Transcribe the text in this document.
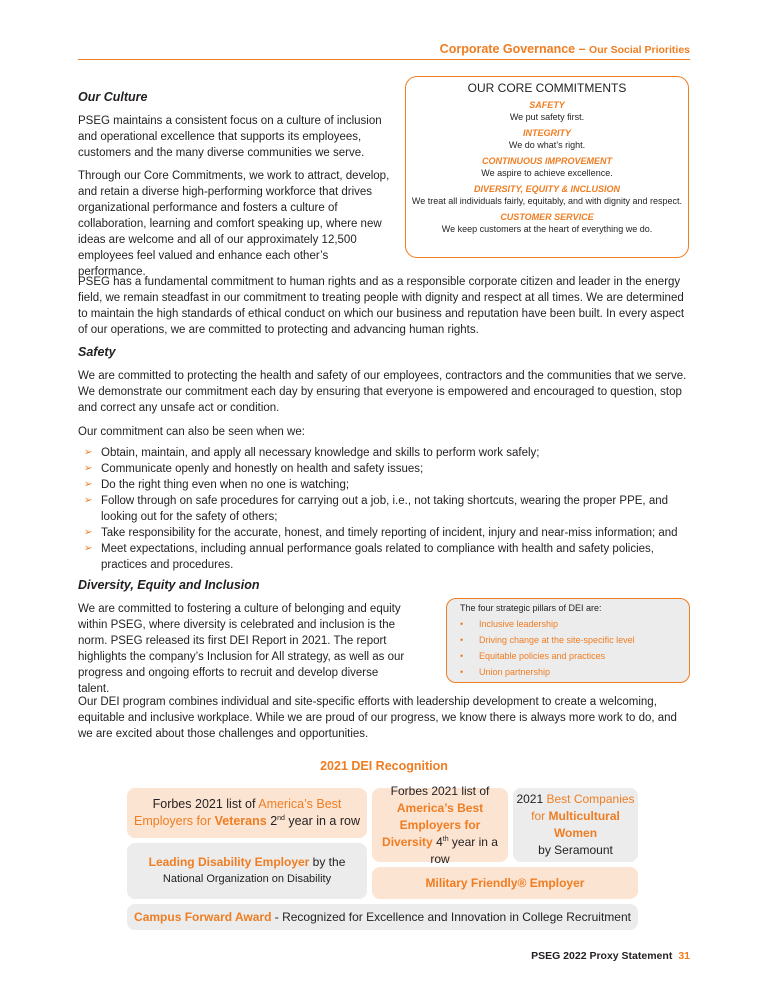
Corporate Governance – Our Social Priorities
Our Culture

PSEG maintains a consistent focus on a culture of inclusion and operational excellence that supports its employees, customers and the many diverse communities we serve.

Through our Core Commitments, we work to attract, develop, and retain a diverse high-performing workforce that drives organizational performance and fosters a culture of collaboration, learning and comfort speaking up, where new ideas are welcome and all of our approximately 12,500 employees feel valued and enhance each other’s performance.

OUR CORE COMMITMENTS
SAFETY
We put safety first.
INTEGRITY
We do what’s right.
CONTINUOUS IMPROVEMENT
We aspire to achieve excellence.
DIVERSITY, EQUITY & INCLUSION
We treat all individuals fairly, equitably, and with dignity and respect.
CUSTOMER SERVICE
We keep customers at the heart of everything we do.

PSEG has a fundamental commitment to human rights and as a responsible corporate citizen and leader in the energy field, we remain steadfast in our commitment to treating people with dignity and respect at all times. We are determined to maintain the high standards of ethical conduct on which our business and reputation have been built. In every aspect of our operations, we are committed to protecting and advancing human rights.

Safety

We are committed to protecting the health and safety of our employees, contractors and the communities that we serve. We demonstrate our commitment each day by ensuring that everyone is empowered and encouraged to question, stop and correct any unsafe act or condition.

Our commitment can also be seen when we:

➢ Obtain, maintain, and apply all necessary knowledge and skills to perform work safely;
➢ Communicate openly and honestly on health and safety issues;
➢ Do the right thing even when no one is watching;
➢ Follow through on safe procedures for carrying out a job, i.e., not taking shortcuts, wearing the proper PPE, and looking out for the safety of others;
➢ Take responsibility for the accurate, honest, and timely reporting of incident, injury and near-miss information; and
➢ Meet expectations, including annual performance goals related to compliance with health and safety policies, practices and procedures.
Diversity, Equity and Inclusion

We are committed to fostering a culture of belonging and equity within PSEG, where diversity is celebrated and inclusion is the norm. PSEG released its first DEI Report in 2021. The report highlights the company’s Inclusion for All strategy, as well as our progress and ongoing efforts to recruit and develop diverse talent.

The four strategic pillars of DEI are:
• Inclusive leadership
• Driving change at the site-specific level
• Equitable policies and practices
• Union partnership

Our DEI program combines individual and site-specific efforts with leadership development to create a welcoming, equitable and inclusive workplace. While we are proud of our progress, we know there is always more work to do, and we are excited about those challenges and opportunities.

2021 DEI Recognition
Forbes 2021 list of America’s Best
Employers for Veterans 2nd year in a row
Forbes 2021 list of
America’s Best
Employers for
Diversity 4th year in a row
2021 Best Companies
for Multicultural
Women
by Seramount
Leading Disability Employer by the
National Organization on Disability	Military Friendly® Employer
Campus Forward Award - Recognized for Excellence and Innovation in College Recruitment
PSEG 2022 Proxy Statement 31
